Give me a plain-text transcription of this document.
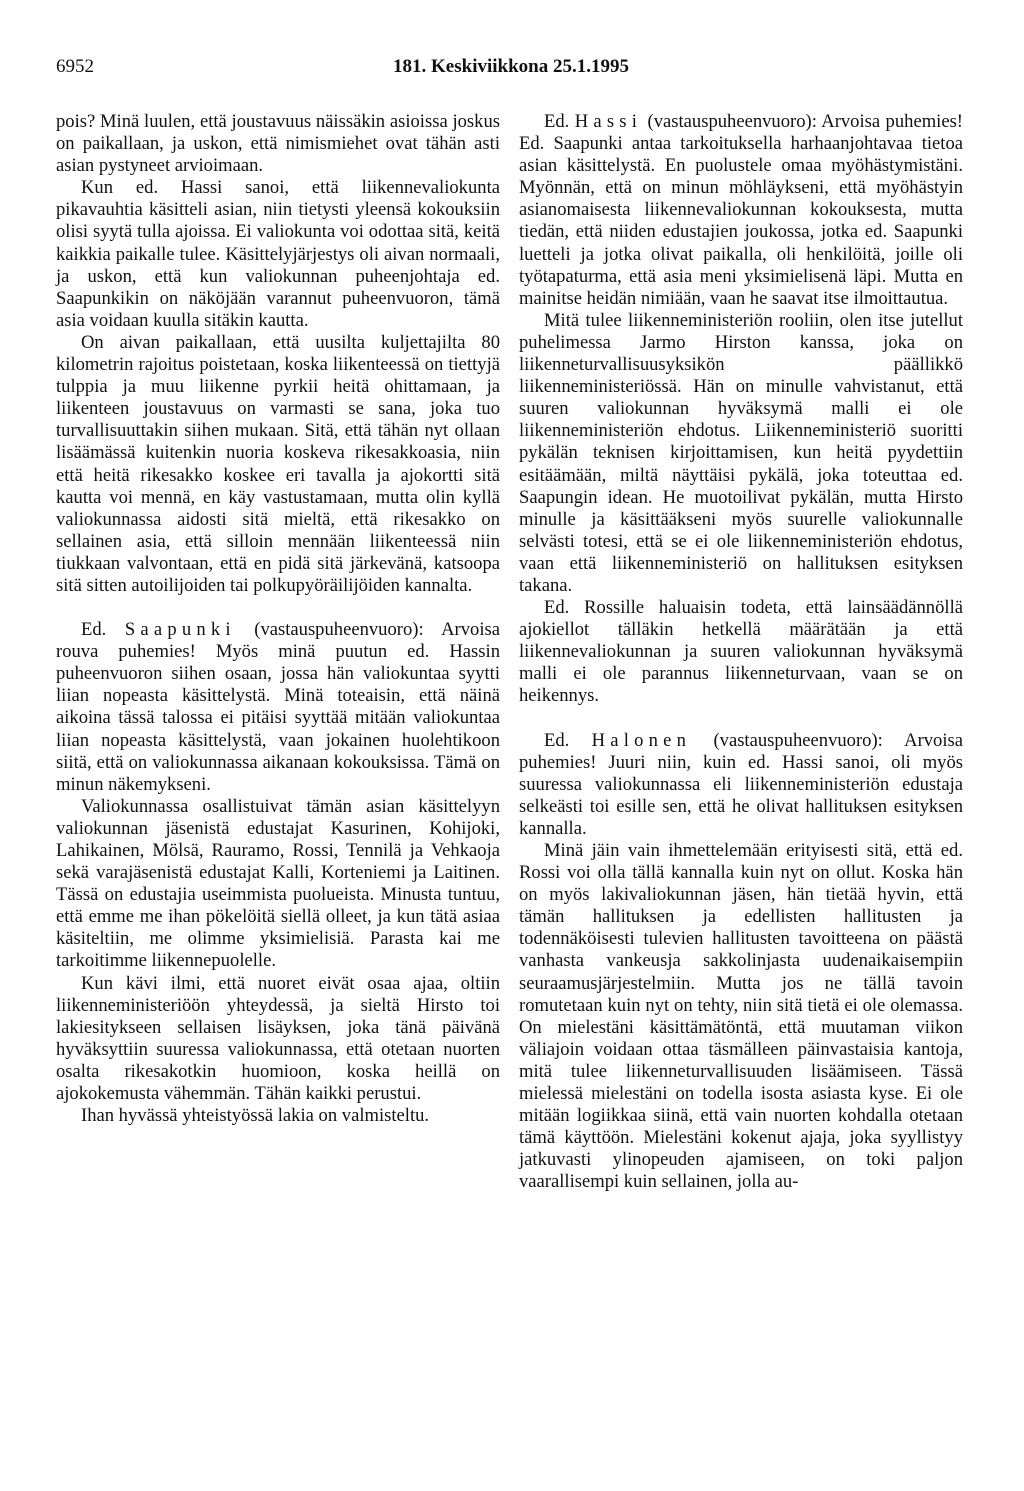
6952	181. Keskiviikkona 25.1.1995

pois? Minä luulen, että joustavuus näissäkin asioissa joskus on paikallaan, ja uskon, että nimismiehet ovat tähän asti asian pystyneet arvioimaan.

Kun ed. Hassi sanoi, että liikennevaliokunta pikavauhtia käsitteli asian, niin tietysti yleensä kokouksiin olisi syytä tulla ajoissa. Ei valiokunta voi odottaa sitä, keitä kaikkia paikalle tulee. Käsittelyjärjestys oli aivan normaali, ja uskon, että kun valiokunnan puheenjohtaja ed. Saapunkikin on näköjään varannut puheenvuoron, tämä asia voidaan kuulla sitäkin kautta.

On aivan paikallaan, että uusilta kuljettajilta 80 kilometrin rajoitus poistetaan, koska liikenteessä on tiettyjä tulppia ja muu liikenne pyrkii heitä ohittamaan, ja liikenteen joustavuus on varmasti se sana, joka tuo turvallisuuttakin siihen mukaan. Sitä, että tähän nyt ollaan lisäämässä kuitenkin nuoria koskeva rikesakkoasia, niin että heitä rikesakko koskee eri tavalla ja ajokortti sitä kautta voi mennä, en käy vastustamaan, mutta olin kyllä valiokunnassa aidosti sitä mieltä, että rikesakko on sellainen asia, että silloin mennään liikenteessä niin tiukkaan valvontaan, että en pidä sitä järkevänä, katsoopa sitä sitten autoilijoiden tai polkupyöräilijöiden kannalta.

Ed. Saapunki (vastauspuheenvuoro): Arvoisa rouva puhemies! Myös minä puutun ed. Hassin puheenvuoron siihen osaan, jossa hän valiokuntaa syytti liian nopeasta käsittelystä. Minä toteaisin, että näinä aikoina tässä talossa ei pitäisi syyttää mitään valiokuntaa liian nopeasta käsittelystä, vaan jokainen huolehtikoon siitä, että on valiokunnassa aikanaan kokouksissa. Tämä on minun näkemykseni.

Valiokunnassa osallistuivat tämän asian käsittelyyn valiokunnan jäsenistä edustajat Kasurinen, Kohijoki, Lahikainen, Mölsä, Rauramo, Rossi, Tennilä ja Vehkaoja sekä varajäsenistä edustajat Kalli, Korteniemi ja Laitinen. Tässä on edustajia useimmista puolueista. Minusta tuntuu, että emme me ihan pökelöitä siellä olleet, ja kun tätä asiaa käsiteltiin, me olimme yksimielisiä. Parasta kai me tarkoitimme liikennepuolelle.

Kun kävi ilmi, että nuoret eivät osaa ajaa, oltiin liikenneministeriöön yhteydessä, ja sieltä Hirsto toi lakiesitykseen sellaisen lisäyksen, joka tänä päivänä hyväksyttiin suuressa valiokunnassa, että otetaan nuorten osalta rikesakotkin huomioon, koska heillä on ajokokemusta vähemmän. Tähän kaikki perustui.

Ihan hyvässä yhteistyössä lakia on valmisteltu.

Ed. Hassi (vastauspuheenvuoro): Arvoisa puhemies! Ed. Saapunki antaa tarkoituksella harhaanjohtavaa tietoa asian käsittelystä. En puolustele omaa myöhästymistäni. Myönnän, että on minun möhläykseni, että myöhästyin asianomaisesta liikennevaliokunnan kokouksesta, mutta tiedän, että niiden edustajien joukossa, jotka ed. Saapunki luetteli ja jotka olivat paikalla, oli henkilöitä, joille oli työtapaturma, että asia meni yksimielisenä läpi. Mutta en mainitse heidän nimiään, vaan he saavat itse ilmoittautua.

Mitä tulee liikenneministeriön rooliin, olen itse jutellut puhelimessa Jarmo Hirston kanssa, joka on liikenneturvallisuusyksikön päällikkö liikenneministeriössä. Hän on minulle vahvistanut, että suuren valiokunnan hyväksymä malli ei ole liikenneministeriön ehdotus. Liikenneministeriö suoritti pykälän teknisen kirjoittamisen, kun heitä pyydettiin esitäämään, miltä näyttäisi pykälä, joka toteuttaa ed. Saapungin idean. He muotoilivat pykälän, mutta Hirsto minulle ja käsittääkseni myös suurelle valiokunnalle selvästi totesi, että se ei ole liikenneministeriön ehdotus, vaan että liikenneministeriö on hallituksen esityksen takana.

Ed. Rossille haluaisin todeta, että lainsäädännöllä ajokiellot tälläkin hetkellä määrätään ja että liikennevaliokunnan ja suuren valiokunnan hyväksymä malli ei ole parannus liikenneturvaan, vaan se on heikennys.

Ed. Halonen (vastauspuheenvuoro): Arvoisa puhemies! Juuri niin, kuin ed. Hassi sanoi, oli myös suuressa valiokunnassa eli liikenneministeriön edustaja selkeästi toi esille sen, että he olivat hallituksen esityksen kannalla.

Minä jäin vain ihmettelemään erityisesti sitä, että ed. Rossi voi olla tällä kannalla kuin nyt on ollut. Koska hän on myös lakivaliokunnan jäsen, hän tietää hyvin, että tämän hallituksen ja edellisten hallitusten ja todennäköisesti tulevien hallitusten tavoitteena on päästä vanhasta vankeusja sakkolinjasta uudenaikaisempiin seuraamusjärjestelmiin. Mutta jos ne tällä tavoin romutetaan kuin nyt on tehty, niin sitä tietä ei ole olemassa. On mielestäni käsittämätöntä, että muutaman viikon väliajoin voidaan ottaa täsmälleen päinvastaisia kantoja, mitä tulee liikenneturvallisuuden lisäämiseen. Tässä mielessä mielestäni on todella isosta asiasta kyse. Ei ole mitään logiikkaa siinä, että vain nuorten kohdalla otetaan tämä käyttöön. Mielestäni kokenut ajaja, joka syyllistyy jatkuvasti ylinopeuden ajamiseen, on toki paljon vaarallisempi kuin sellainen, jolla au-
